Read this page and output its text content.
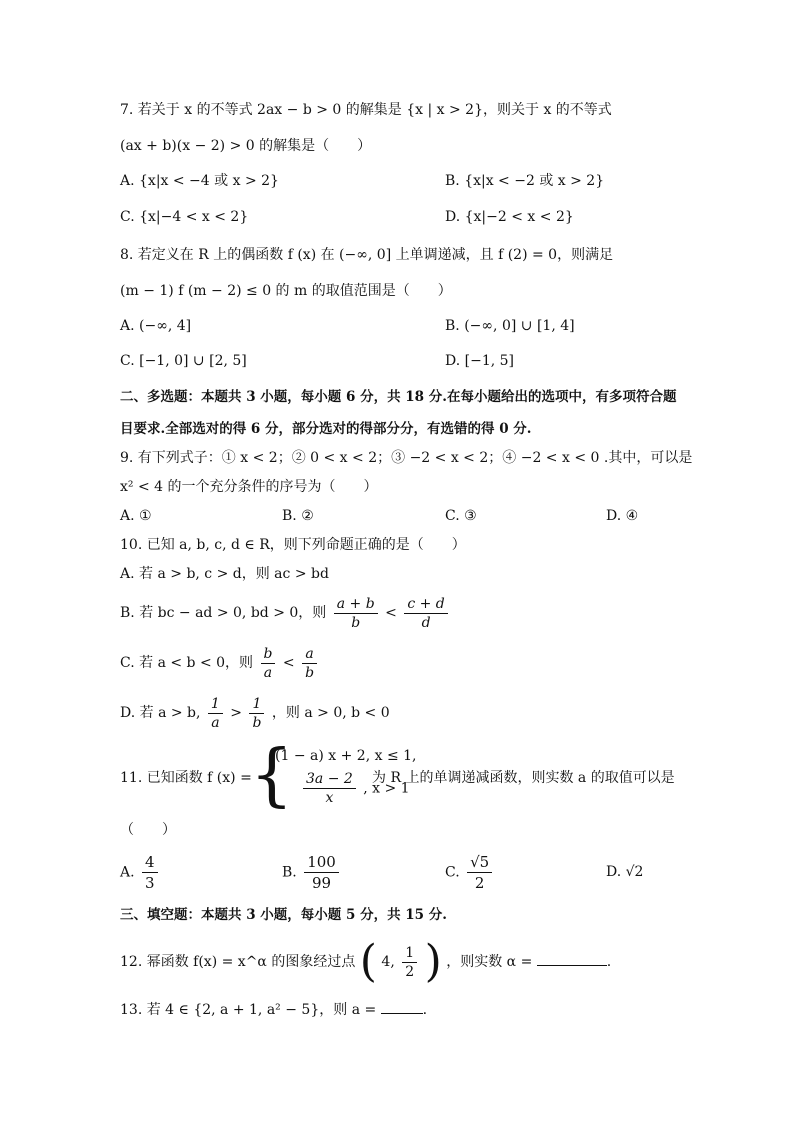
7. 若关于 x 的不等式 2ax − b > 0 的解集是 {x | x > 2}，则关于 x 的不等式
(ax + b)(x − 2) > 0 的解集是（　　）
A. {x|x < −4 或 x > 2}	B. {x|x < −2 或 x > 2}
C. {x|−4 < x < 2}	D. {x|−2 < x < 2}
8. 若定义在 R 上的偶函数 f (x) 在 (−∞, 0] 上单调递减，且 f (2) = 0，则满足
(m − 1) f (m − 2) ≤ 0 的 m 的取值范围是（　　）
A. (−∞, 4]	B. (−∞, 0] ∪ [1, 4]
C. [−1, 0] ∪ [2, 5]	D. [−1, 5]
二、多选题：本题共 3 小题，每小题 6 分，共 18 分.在每小题给出的选项中，有多项符合题
目要求.全部选对的得 6 分，部分选对的得部分分，有选错的得 0 分.
9. 有下列式子：① x < 2；② 0 < x < 2；③ −2 < x < 2；④ −2 < x < 0 .其中，可以是
x² < 4 的一个充分条件的序号为（　　）
A. ①	B. ②	C. ③	D. ④
10. 已知 a, b, c, d ∈ R，则下列命题正确的是（　　）
A. 若 a > b, c > d，则 ac > bd
B. 若 bc − ad > 0, bd > 0，则 $\frac{a + b}{b} < \frac{c + d}{d}$
C. 若 a < b < 0，则 $\frac{b}{a} < \frac{a}{b}$
D. 若 a > b, $\frac{1}{a} > \frac{1}{b}$ ，则 a > 0, b < 0
11. 已知函数 f (x) =
{
(1 − a) x + 2, x ≤ 1,
$\frac{3a - 2}{x}$ , x > 1
为 R 上的单调递减函数，则实数 a 的取值可以是
（　　）
A. $\frac{4}{3}$	B. $\frac{100}{99}$	C. $\frac{√5}{2}$	D. √2
三、填空题：本题共 3 小题，每小题 5 分，共 15 分.
12. 幂函数 f(x) = x^α 的图象经过点 ( 4, $\frac{1}{2}$ ) ，则实数 α =	.
13. 若 4 ∈ {2, a + 1, a² − 5}，则 a =	.
